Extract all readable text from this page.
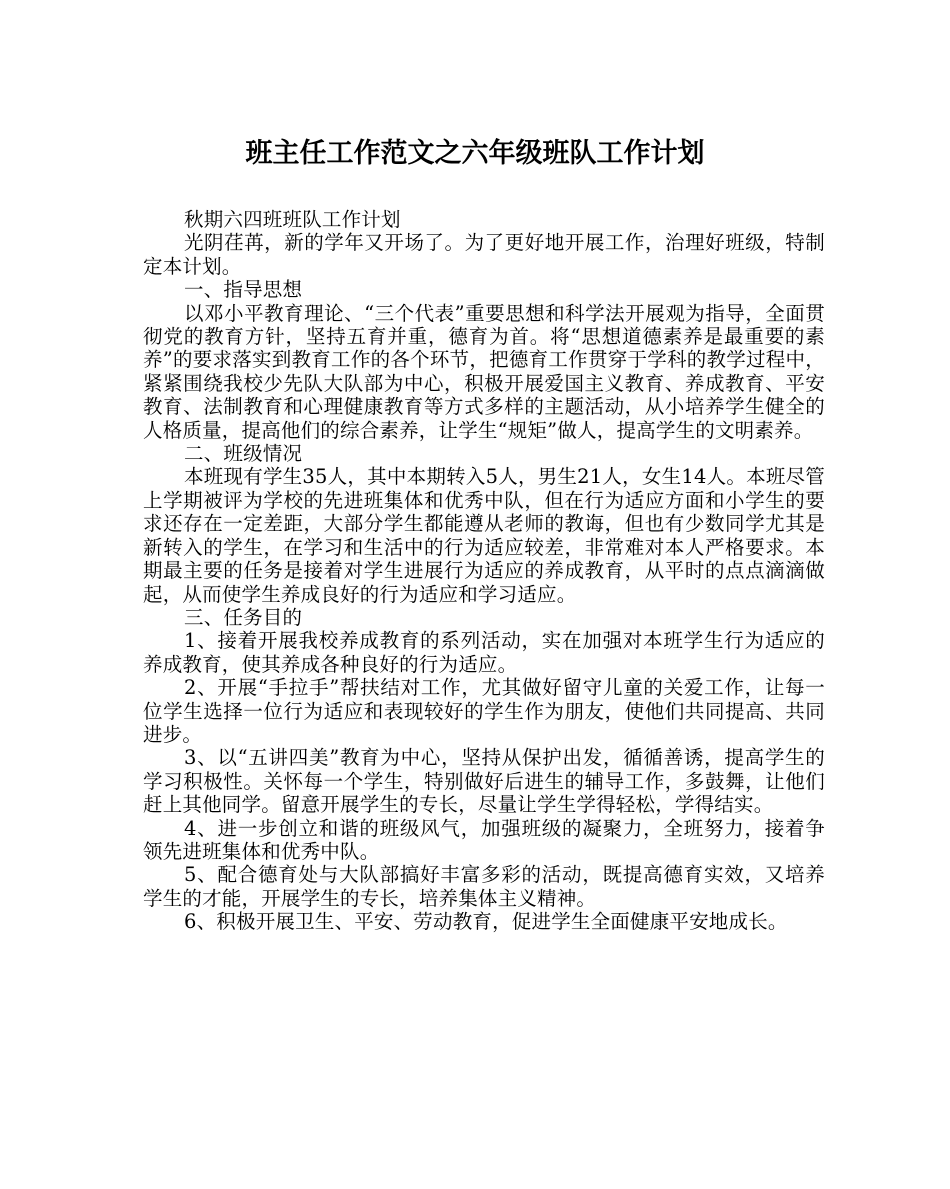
班主任工作范文之六年级班队工作计划

秋期六四班班队工作计划

光阴荏苒，新的学年又开场了。为了更好地开展工作，治理好班级，特制定本计划。

一、指导思想

以邓小平教育理论、“三个代表”重要思想和科学法开展观为指导，全面贯彻党的教育方针，坚持五育并重，德育为首。将“思想道德素养是最重要的素养”的要求落实到教育工作的各个环节，把德育工作贯穿于学科的教学过程中，紧紧围绕我校少先队大队部为中心，积极开展爱国主义教育、养成教育、平安教育、法制教育和心理健康教育等方式多样的主题活动，从小培养学生健全的人格质量，提高他们的综合素养，让学生“规矩”做人，提高学生的文明素养。

二、班级情况

本班现有学生35人，其中本期转入5人，男生21人，女生14人。本班尽管上学期被评为学校的先进班集体和优秀中队，但在行为适应方面和小学生的要求还存在一定差距，大部分学生都能遵从老师的教诲，但也有少数同学尤其是新转入的学生，在学习和生活中的行为适应较差，非常难对本人严格要求。本期最主要的任务是接着对学生进展行为适应的养成教育，从平时的点点滴滴做起，从而使学生养成良好的行为适应和学习适应。

三、任务目的

1、接着开展我校养成教育的系列活动，实在加强对本班学生行为适应的养成教育，使其养成各种良好的行为适应。

2、开展“手拉手”帮扶结对工作，尤其做好留守儿童的关爱工作，让每一位学生选择一位行为适应和表现较好的学生作为朋友，使他们共同提高、共同进步。

3、以“五讲四美”教育为中心，坚持从保护出发，循循善诱，提高学生的学习积极性。关怀每一个学生，特别做好后进生的辅导工作，多鼓舞，让他们赶上其他同学。留意开展学生的专长，尽量让学生学得轻松，学得结实。

4、进一步创立和谐的班级风气，加强班级的凝聚力，全班努力，接着争领先进班集体和优秀中队。

5、配合德育处与大队部搞好丰富多彩的活动，既提高德育实效，又培养学生的才能，开展学生的专长，培养集体主义精神。

6、积极开展卫生、平安、劳动教育，促进学生全面健康平安地成长。
